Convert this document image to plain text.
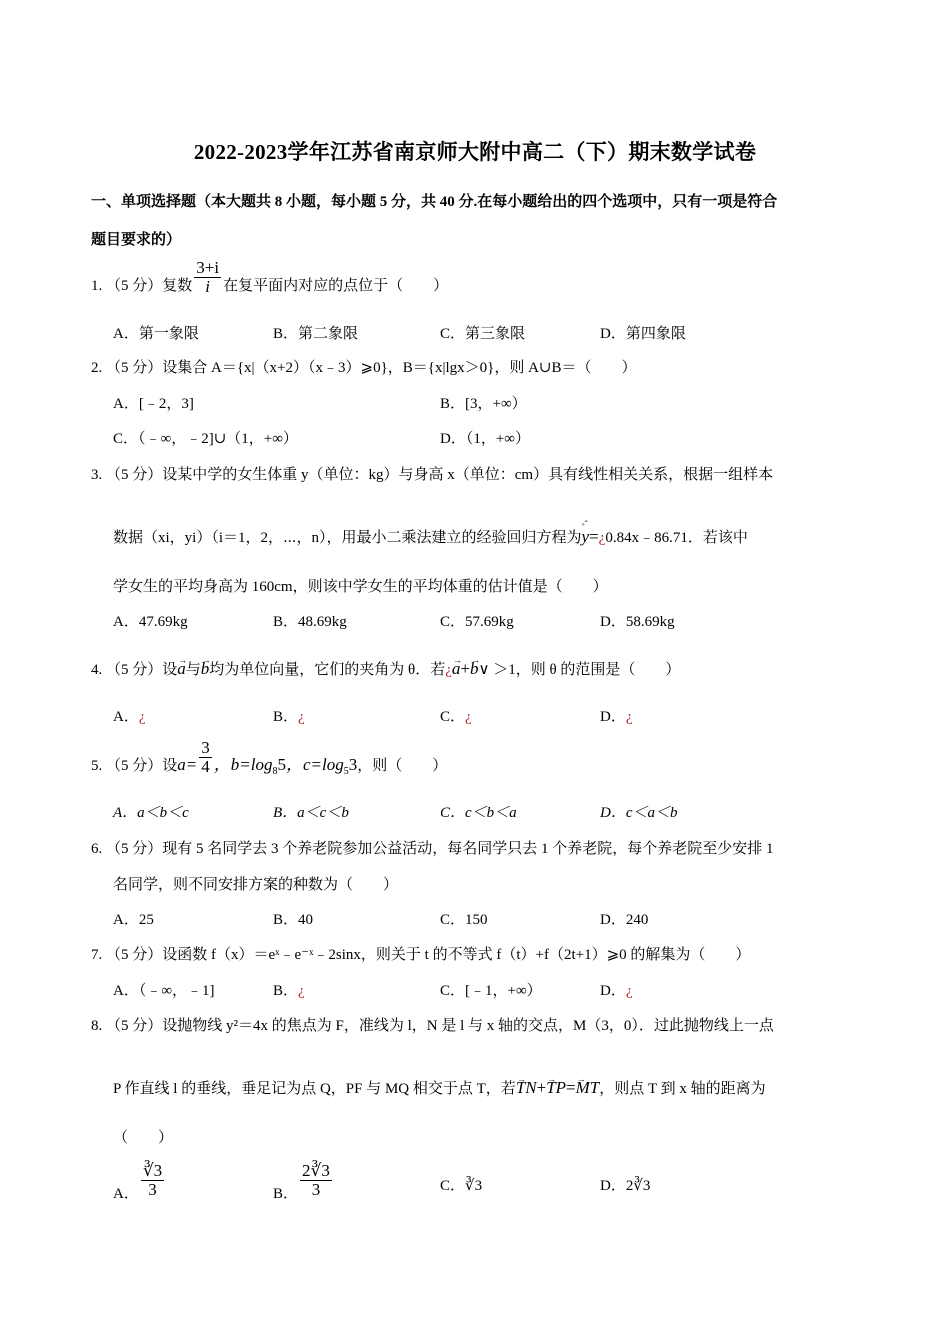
2022-2023学年江苏省南京师大附中高二（下）期末数学试卷
一、单项选择题（本大题共 8 小题，每小题 5 分，共 40 分.在每小题给出的四个选项中，只有一项是符合
题目要求的）
1. （5 分）复数 $\frac{3+i}{i}$ 在复平面内对应的点位于（　　）
A．第一象限	B．第二象限	C．第三象限	D．第四象限
2. （5 分）设集合 A＝{x|（x+2）（x﹣3）⩾0}，B＝{x|lgx＞0}，则 A∪B＝（　　）
A．[﹣2，3]	B．[3，+∞）
C．（﹣∞，﹣2]∪（1，+∞）	D．（1，+∞）
3. （5 分）设某中学的女生体重 y（单位：kg）与身高 x（单位：cm）具有线性相关关系，根据一组样本
数据（xi，yi）（i＝1，2，⋯，n），用最小二乘法建立的经验回归方程为◦ˆ y=¿0.84x﹣86.71．若该中
学女生的平均身高为 160cm，则该中学女生的平均体重的估计值是（　　）
A．47.69kg	B．48.69kg	C．57.69kg	D．58.69kg
4. （5 分）设→ a与→ b均为单位向量，它们的夹角为 θ．若¿→ a+→ b∨ ＞1，则 θ 的范围是（　　）
A．¿	B．¿	C．¿	D．¿
5. （5 分）设$a= \frac{3}{4}$ ，$b=\log_85$，$c=\log_53$，则（　　）
A．a＜b＜c	B．a＜c＜b	C．c＜b＜a	D．c＜a＜b
6. （5 分）现有 5 名同学去 3 个养老院参加公益活动，每名同学只去 1 个养老院，每个养老院至少安排 1
名同学，则不同安排方案的种数为（　　）
A．25	B．40	C．150	D．240
7. （5 分）设函数 f（x）＝eˣ﹣e⁻ˣ﹣2sinx，则关于 t 的不等式 f（t）+f（2t+1）⩾0 的解集为（　　）
A．（﹣∞，﹣1]	B．¿	C．[﹣1，+∞）	D．¿
8. （5 分）设抛物线 y²＝4x 的焦点为 F，准线为 l，N 是 l 与 x 轴的交点，M（3，0）．过此抛物线上一点
P 作直线 l 的垂线，垂足记为点 Q，PF 与 MQ 相交于点 T，若→ TN+→ TP=→ MT，则点 T 到 x 轴的距离为
（　　）
A． $\frac{∛3}{3}$	B． $\frac{2∛3}{3}$	C．∛3	D．2∛3
